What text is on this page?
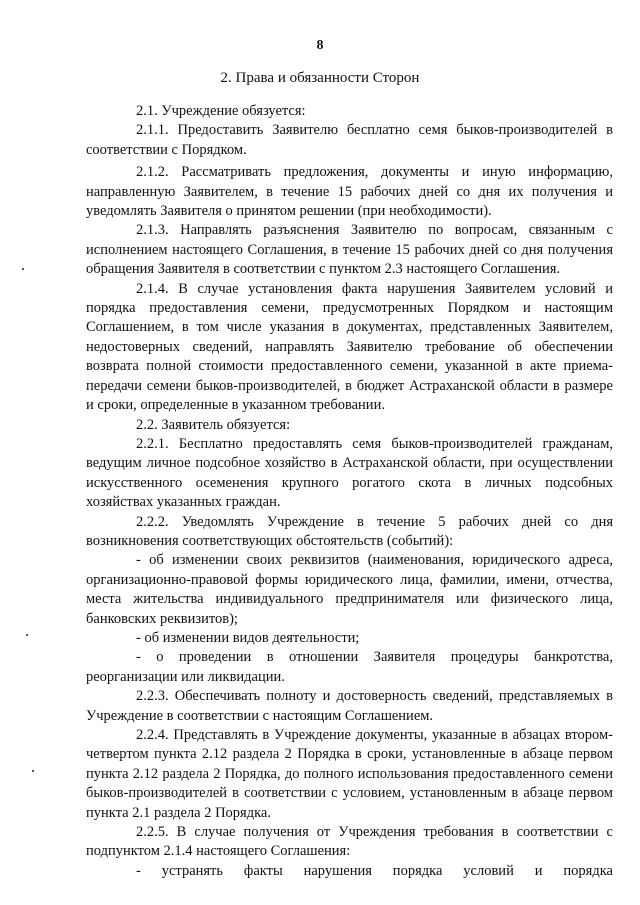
8
2. Права и обязанности Сторон

2.1. Учреждение обязуется:

2.1.1. Предоставить Заявителю бесплатно семя быков-производителей в соответствии с Порядком.

2.1.2. Рассматривать предложения, документы и иную информацию, направленную Заявителем, в течение 15 рабочих дней со дня их получения и уведомлять Заявителя о принятом решении (при необходимости).

2.1.3. Направлять разъяснения Заявителю по вопросам, связанным с исполнением настоящего Соглашения, в течение 15 рабочих дней со дня получения обращения Заявителя в соответствии с пунктом 2.3 настоящего Соглашения.

2.1.4. В случае установления факта нарушения Заявителем условий и порядка предоставления семени, предусмотренных Порядком и настоящим Соглашением, в том числе указания в документах, представленных Заявителем, недостоверных сведений, направлять Заявителю требование об обеспечении возврата полной стоимости предоставленного семени, указанной в акте приема-передачи семени быков-производителей, в бюджет Астраханской области в размере и сроки, определенные в указанном требовании.

2.2. Заявитель обязуется:

2.2.1. Бесплатно предоставлять семя быков-производителей гражданам, ведущим личное подсобное хозяйство в Астраханской области, при осуществлении искусственного осеменения крупного рогатого скота в личных подсобных хозяйствах указанных граждан.

2.2.2. Уведомлять Учреждение в течение 5 рабочих дней со дня возникновения соответствующих обстоятельств (событий):

- об изменении своих реквизитов (наименования, юридического адреса, организационно-правовой формы юридического лица, фамилии, имени, отчества, места жительства индивидуального предпринимателя или физического лица, банковских реквизитов);

- об изменении видов деятельности;

- о проведении в отношении Заявителя процедуры банкротства, реорганизации или ликвидации.

2.2.3. Обеспечивать полноту и достоверность сведений, представляемых в Учреждение в соответствии с настоящим Соглашением.

2.2.4. Представлять в Учреждение документы, указанные в абзацах втором-четвертом пункта 2.12 раздела 2 Порядка в сроки, установленные в абзаце первом пункта 2.12 раздела 2 Порядка, до полного использования предоставленного семени быков-производителей в соответствии с условием, установленным в абзаце первом пункта 2.1 раздела 2 Порядка.

2.2.5. В случае получения от Учреждения требования в соответствии с подпунктом 2.1.4 настоящего Соглашения:

- устранять факты нарушения порядка условий и порядка
